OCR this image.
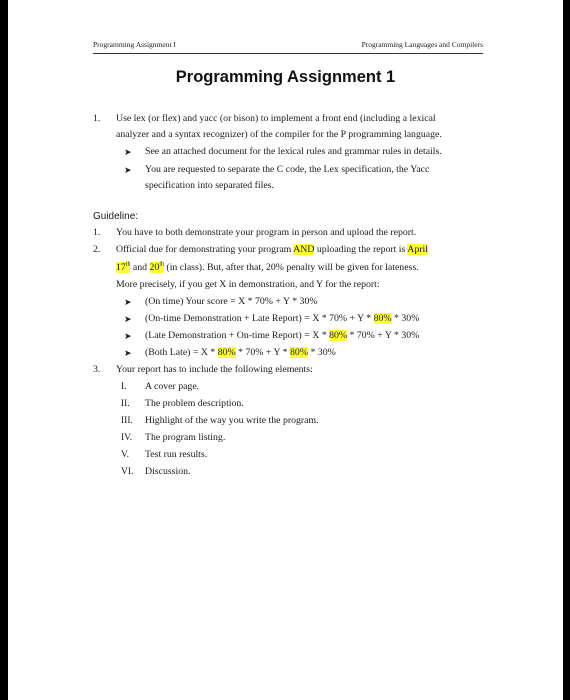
Programming Assignment I	Programming Languages and Compilers
Programming Assignment 1
1. Use lex (or flex) and yacc (or bison) to implement a front end (including a lexical
analyzer and a syntax recognizer) of the compiler for the P programming language.
➤ See an attached document for the lexical rules and grammar rules in details.
➤ You are requested to separate the C code, the Lex specification, the Yacc
specification into separated files.
Guideline:
1. You have to both demonstrate your program in person and upload the report.
2. Official due for demonstrating your program AND uploading the report is April
17th and 20th (in class). But, after that, 20% penalty will be given for lateness.
More precisely, if you get X in demonstration, and Y for the report:
➤ (On time) Your score = X * 70% + Y * 30%
➤ (On-time Demonstration + Late Report) = X * 70% + Y * 80% * 30%
➤ (Late Demonstration + On-time Report) = X * 80% * 70% + Y * 30%
➤ (Both Late) = X * 80% * 70% + Y * 80% * 30%
3. Your report has to include the following elements:
I. A cover page.
II. The problem description.
III. Highlight of the way you write the program.
IV. The program listing.
V. Test run results.
VI. Discussion.
